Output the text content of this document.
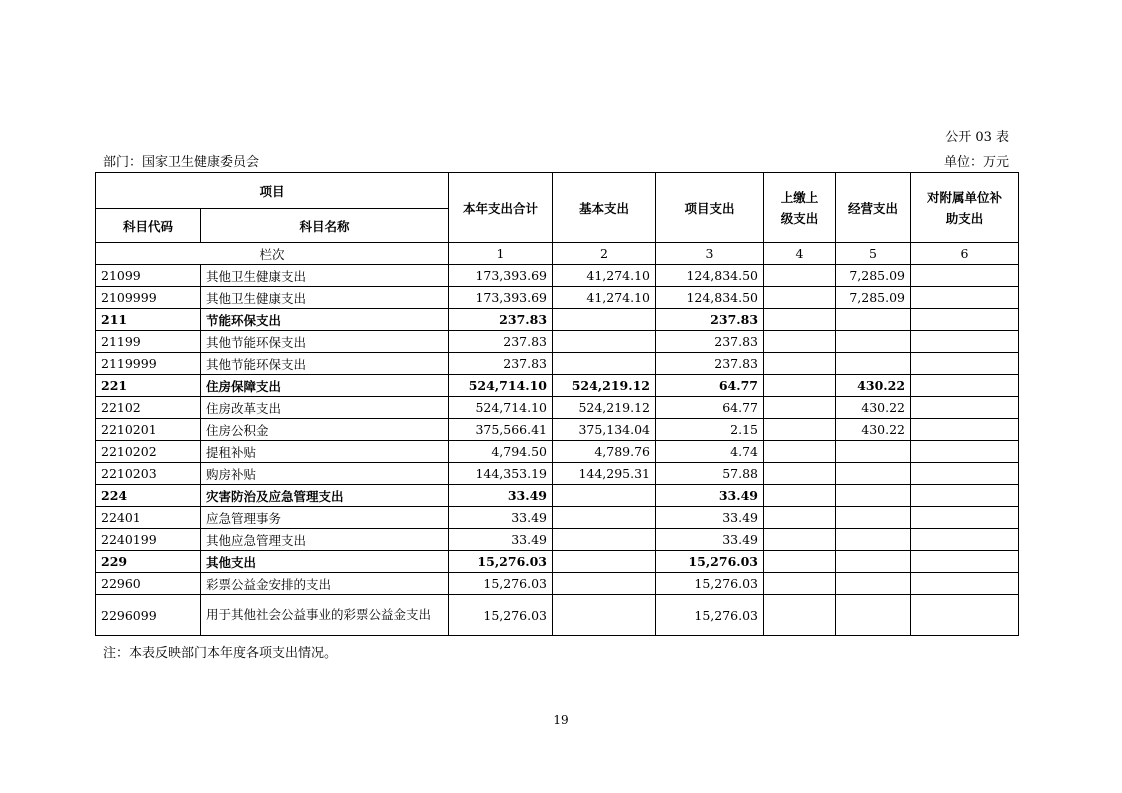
公开 03 表
部门：国家卫生健康委员会	单位：万元
项目		本年支出合计	基本支出	项目支出	上缴上级支出	经营支出	对附属单位补助支出
科目代码	科目名称						
栏次		1	2	3	4	5	6
21099	其他卫生健康支出	173,393.69	41,274.10	124,834.50		7,285.09	
2109999	其他卫生健康支出	173,393.69	41,274.10	124,834.50		7,285.09	
211	节能环保支出	237.83		237.83			
21199	其他节能环保支出	237.83		237.83			
2119999	其他节能环保支出	237.83		237.83			
221	住房保障支出	524,714.10	524,219.12	64.77		430.22	
22102	住房改革支出	524,714.10	524,219.12	64.77		430.22	
2210201	住房公积金	375,566.41	375,134.04	2.15		430.22	
2210202	提租补贴	4,794.50	4,789.76	4.74			
2210203	购房补贴	144,353.19	144,295.31	57.88			
224	灾害防治及应急管理支出	33.49		33.49			
22401	应急管理事务	33.49		33.49			
2240199	其他应急管理支出	33.49		33.49			
229	其他支出	15,276.03		15,276.03			
22960	彩票公益金安排的支出	15,276.03		15,276.03			
2296099	用于其他社会公益事业的彩票公益金支出	15,276.03		15,276.03			
注：本表反映部门本年度各项支出情况。
19
